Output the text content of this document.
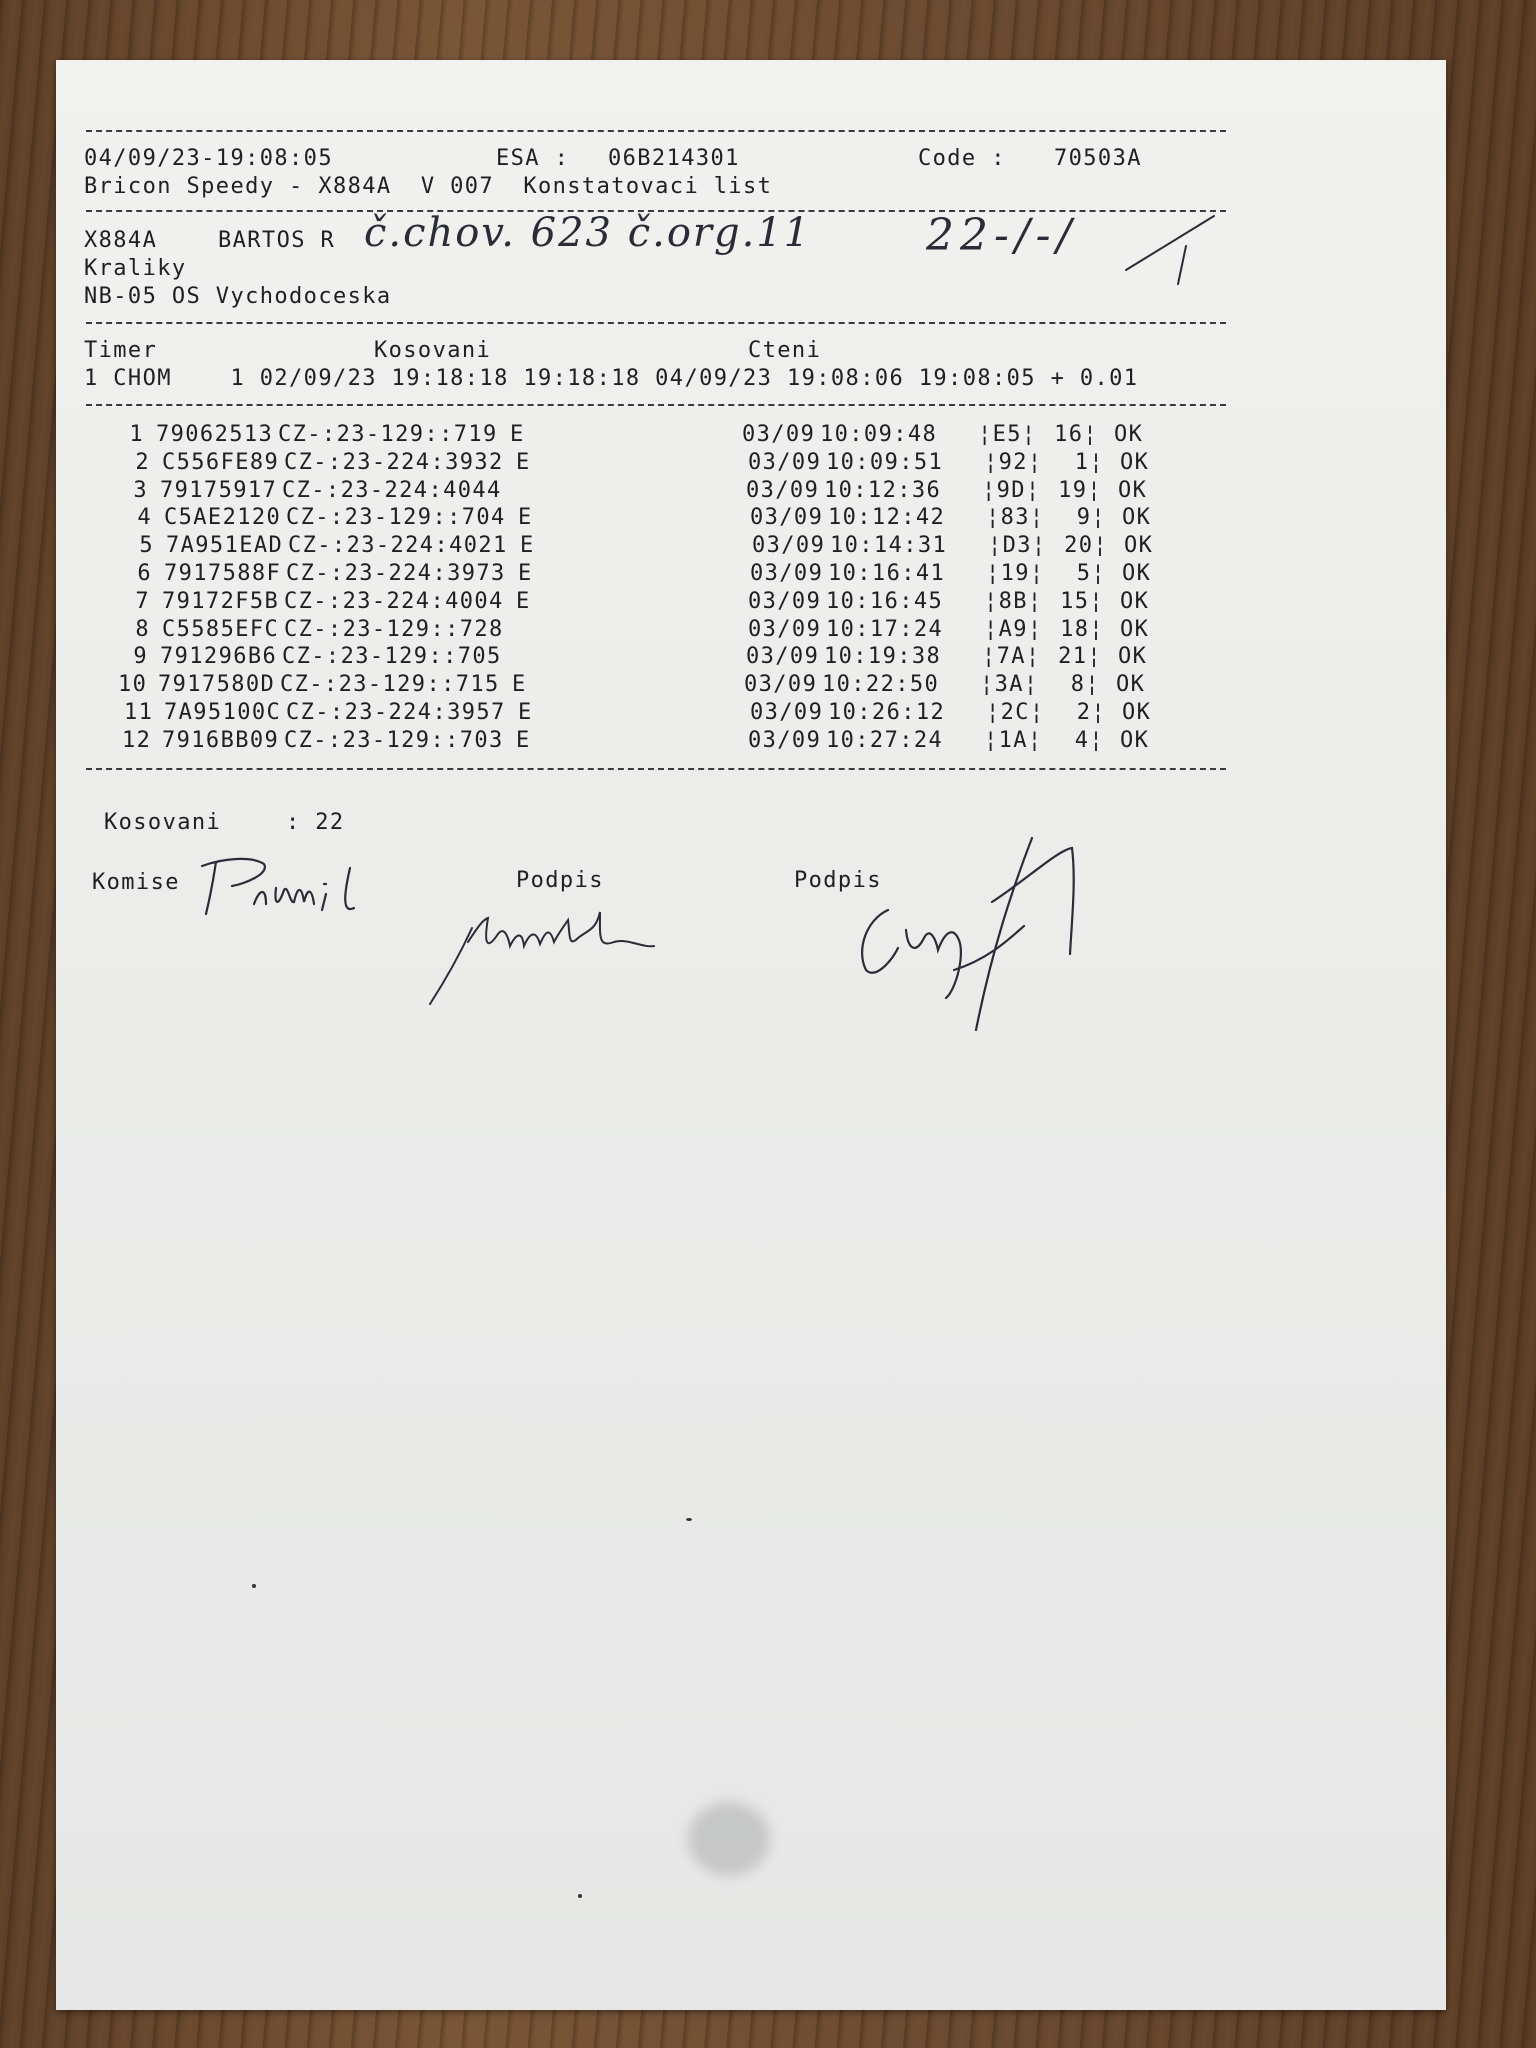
04/09/23-19:08:05	ESA : 06B214301	Code : 70503A
Bricon Speedy - X884A  V 007  Konstatovaci list
X884A	BARTOS R č.chov. 623 č.org.11	22-/-/
Kraliky
NB-05 OS Vychodoceska
Timer	Kosovani	Cteni
1 CHOM    1 02/09/23 19:18:18 19:18:18 04/09/23 19:08:06 19:08:05 + 0.01
1 79062513 CZ-:23-129::719 E	03/09 10:09:48 ¦E5¦ 16¦ OK
2 C556FE89 CZ-:23-224:3932 E	03/09 10:09:51 ¦92¦	1¦ OK
3 79175917 CZ-:23-224:4044	03/09 10:12:36 ¦9D¦ 19¦ OK
4 C5AE2120 CZ-:23-129::704 E	03/09 10:12:42 ¦83¦	9¦ OK
5 7A951EAD CZ-:23-224:4021 E	03/09 10:14:31 ¦D3¦ 20¦ OK
6 7917588F CZ-:23-224:3973 E	03/09 10:16:41 ¦19¦	5¦ OK
7 79172F5B CZ-:23-224:4004 E	03/09 10:16:45 ¦8B¦ 15¦ OK
8 C5585EFC CZ-:23-129::728	03/09 10:17:24 ¦A9¦ 18¦ OK
9 791296B6 CZ-:23-129::705	03/09 10:19:38 ¦7A¦ 21¦ OK
10 7917580D CZ-:23-129::715 E	03/09 10:22:50 ¦3A¦	8¦ OK
11 7A95100C CZ-:23-224:3957 E	03/09 10:26:12 ¦2C¦	2¦ OK
12 7916BB09 CZ-:23-129::703 E	03/09 10:27:24 ¦1A¦	4¦ OK
Kosovani	: 22
Komise	Podpis	Podpis
